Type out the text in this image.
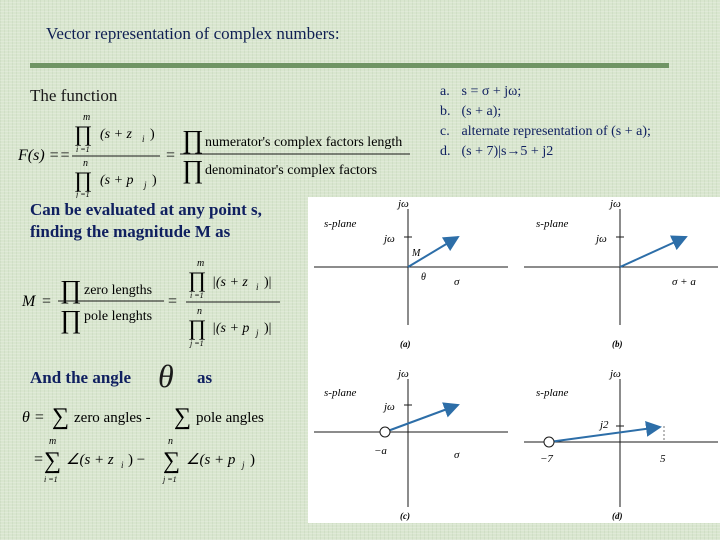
Vector representation of complex numbers:
The function
F(s) ==
m
∏
i =1
(s + z i )
n
∏
j =1
(s + p j )
=
∏ numerator's complex factors length
∏ denominator's complex factors
Can be evaluated at any point s,
finding the magnitude M as
M = ∏ zero lengths
∏ pole lenghts
=
m
∏
i =1
|(s + z i )|
n
∏
j =1
|(s + p j )|
And the angle θ as
θ = ∑ zero angles - ∑ pole angles
=
m
∑
i =1
∠(s + z i ) −
n
∑
j =1
∠(s + p j )
a. s = σ + jω;
b. (s + a);
c. alternate representation of (s + a);
d. (s + 7)|s→5 + j2
s-plane
jω
jω
M
θ	σ
(a)
s-plane
jω
jω
σ + a
(b)
s-plane
jω
jω
−a	σ
(c)
s-plane
jω
j2
−7	5
(d)
